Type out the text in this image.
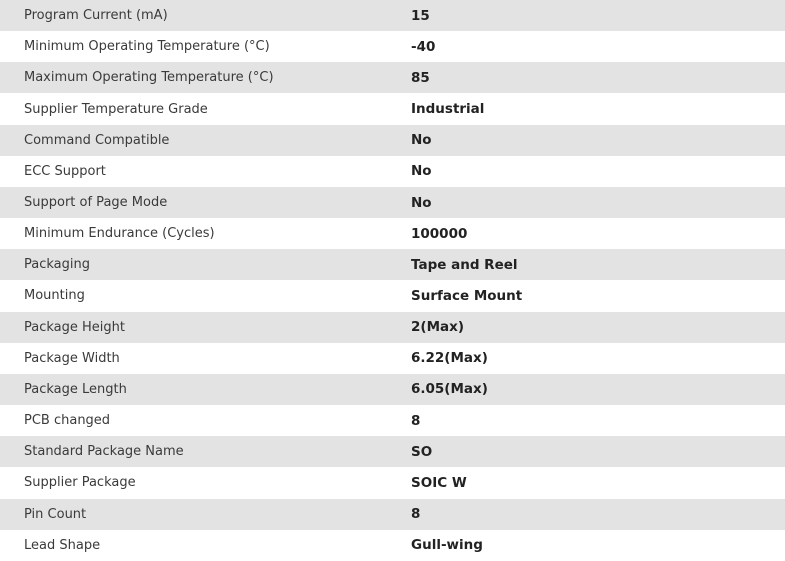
Program Current (mA)	15
Minimum Operating Temperature (°C)	-40
Maximum Operating Temperature (°C)	85
Supplier Temperature Grade	Industrial
Command Compatible	No
ECC Support	No
Support of Page Mode	No
Minimum Endurance (Cycles)	100000
Packaging	Tape and Reel
Mounting	Surface Mount
Package Height	2(Max)
Package Width	6.22(Max)
Package Length	6.05(Max)
PCB changed	8
Standard Package Name	SO
Supplier Package	SOIC W
Pin Count	8
Lead Shape	Gull-wing
